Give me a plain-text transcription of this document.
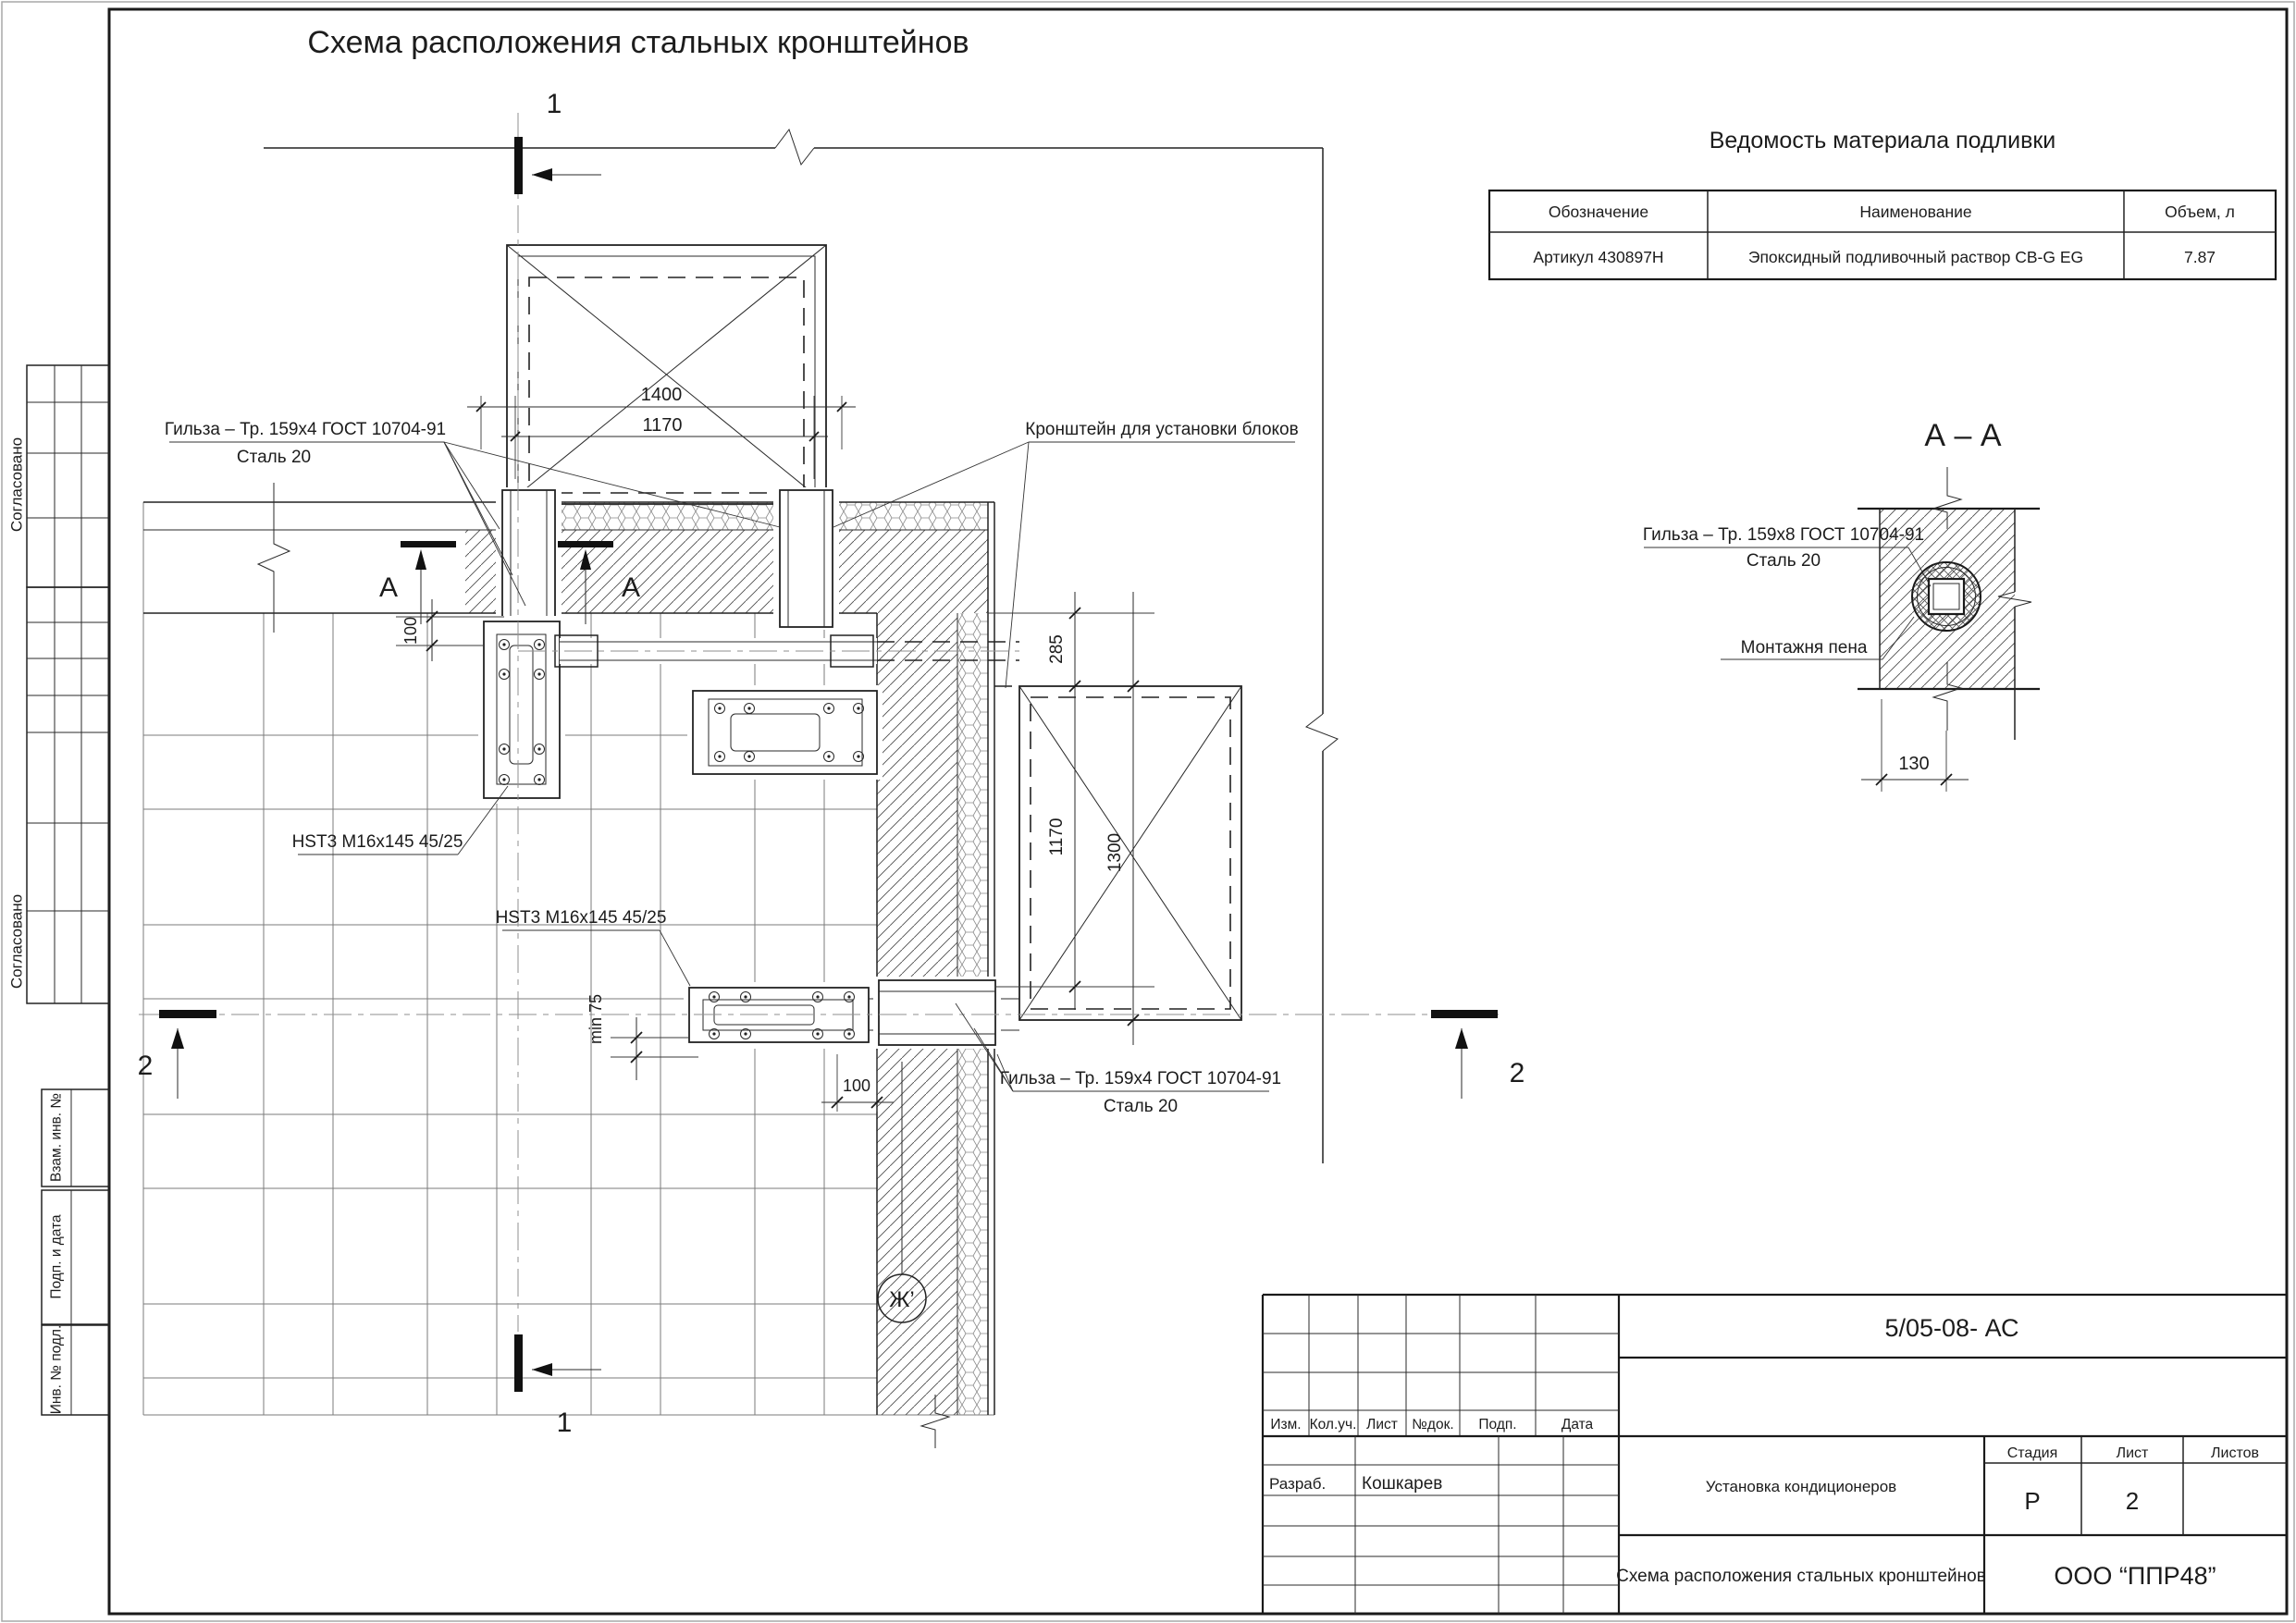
Согласовано
Согласовано
Взам. инв. №
Подп. и дата
Инв. № подл.
Схема расположения стальных кронштейнов
Ведомость материала подливки
Обозначение	Наименование	Объем, л
Артикул 430897Н	Эпоксидный подливочный раствор CB-G EG	7.87
А	А
1400
1170
100
285
1170 1300
100
min 75
1
1
2	2
Гильза – Тр. 159х4 ГОСТ 10704-91
Сталь 20
Кронштейн для установки блоков
HST3 M16x145 45/25
HST3 M16x145 45/25
Гильза – Тр. 159х4 ГОСТ 10704-91
Сталь 20
Ж’
А – А
Гильза – Тр. 159х8 ГОСТ 10704-91
Сталь 20
Монтажня пена
130
Изм. Кол.уч. Лист №док. Подп.	Дата
Разраб. Кошкарев
5/05-08- АС
Установка кондиционеров
Схема расположения стальных кронштейнов	ООО “ППР48”
Стадия	Лист	Листов
Р	2
